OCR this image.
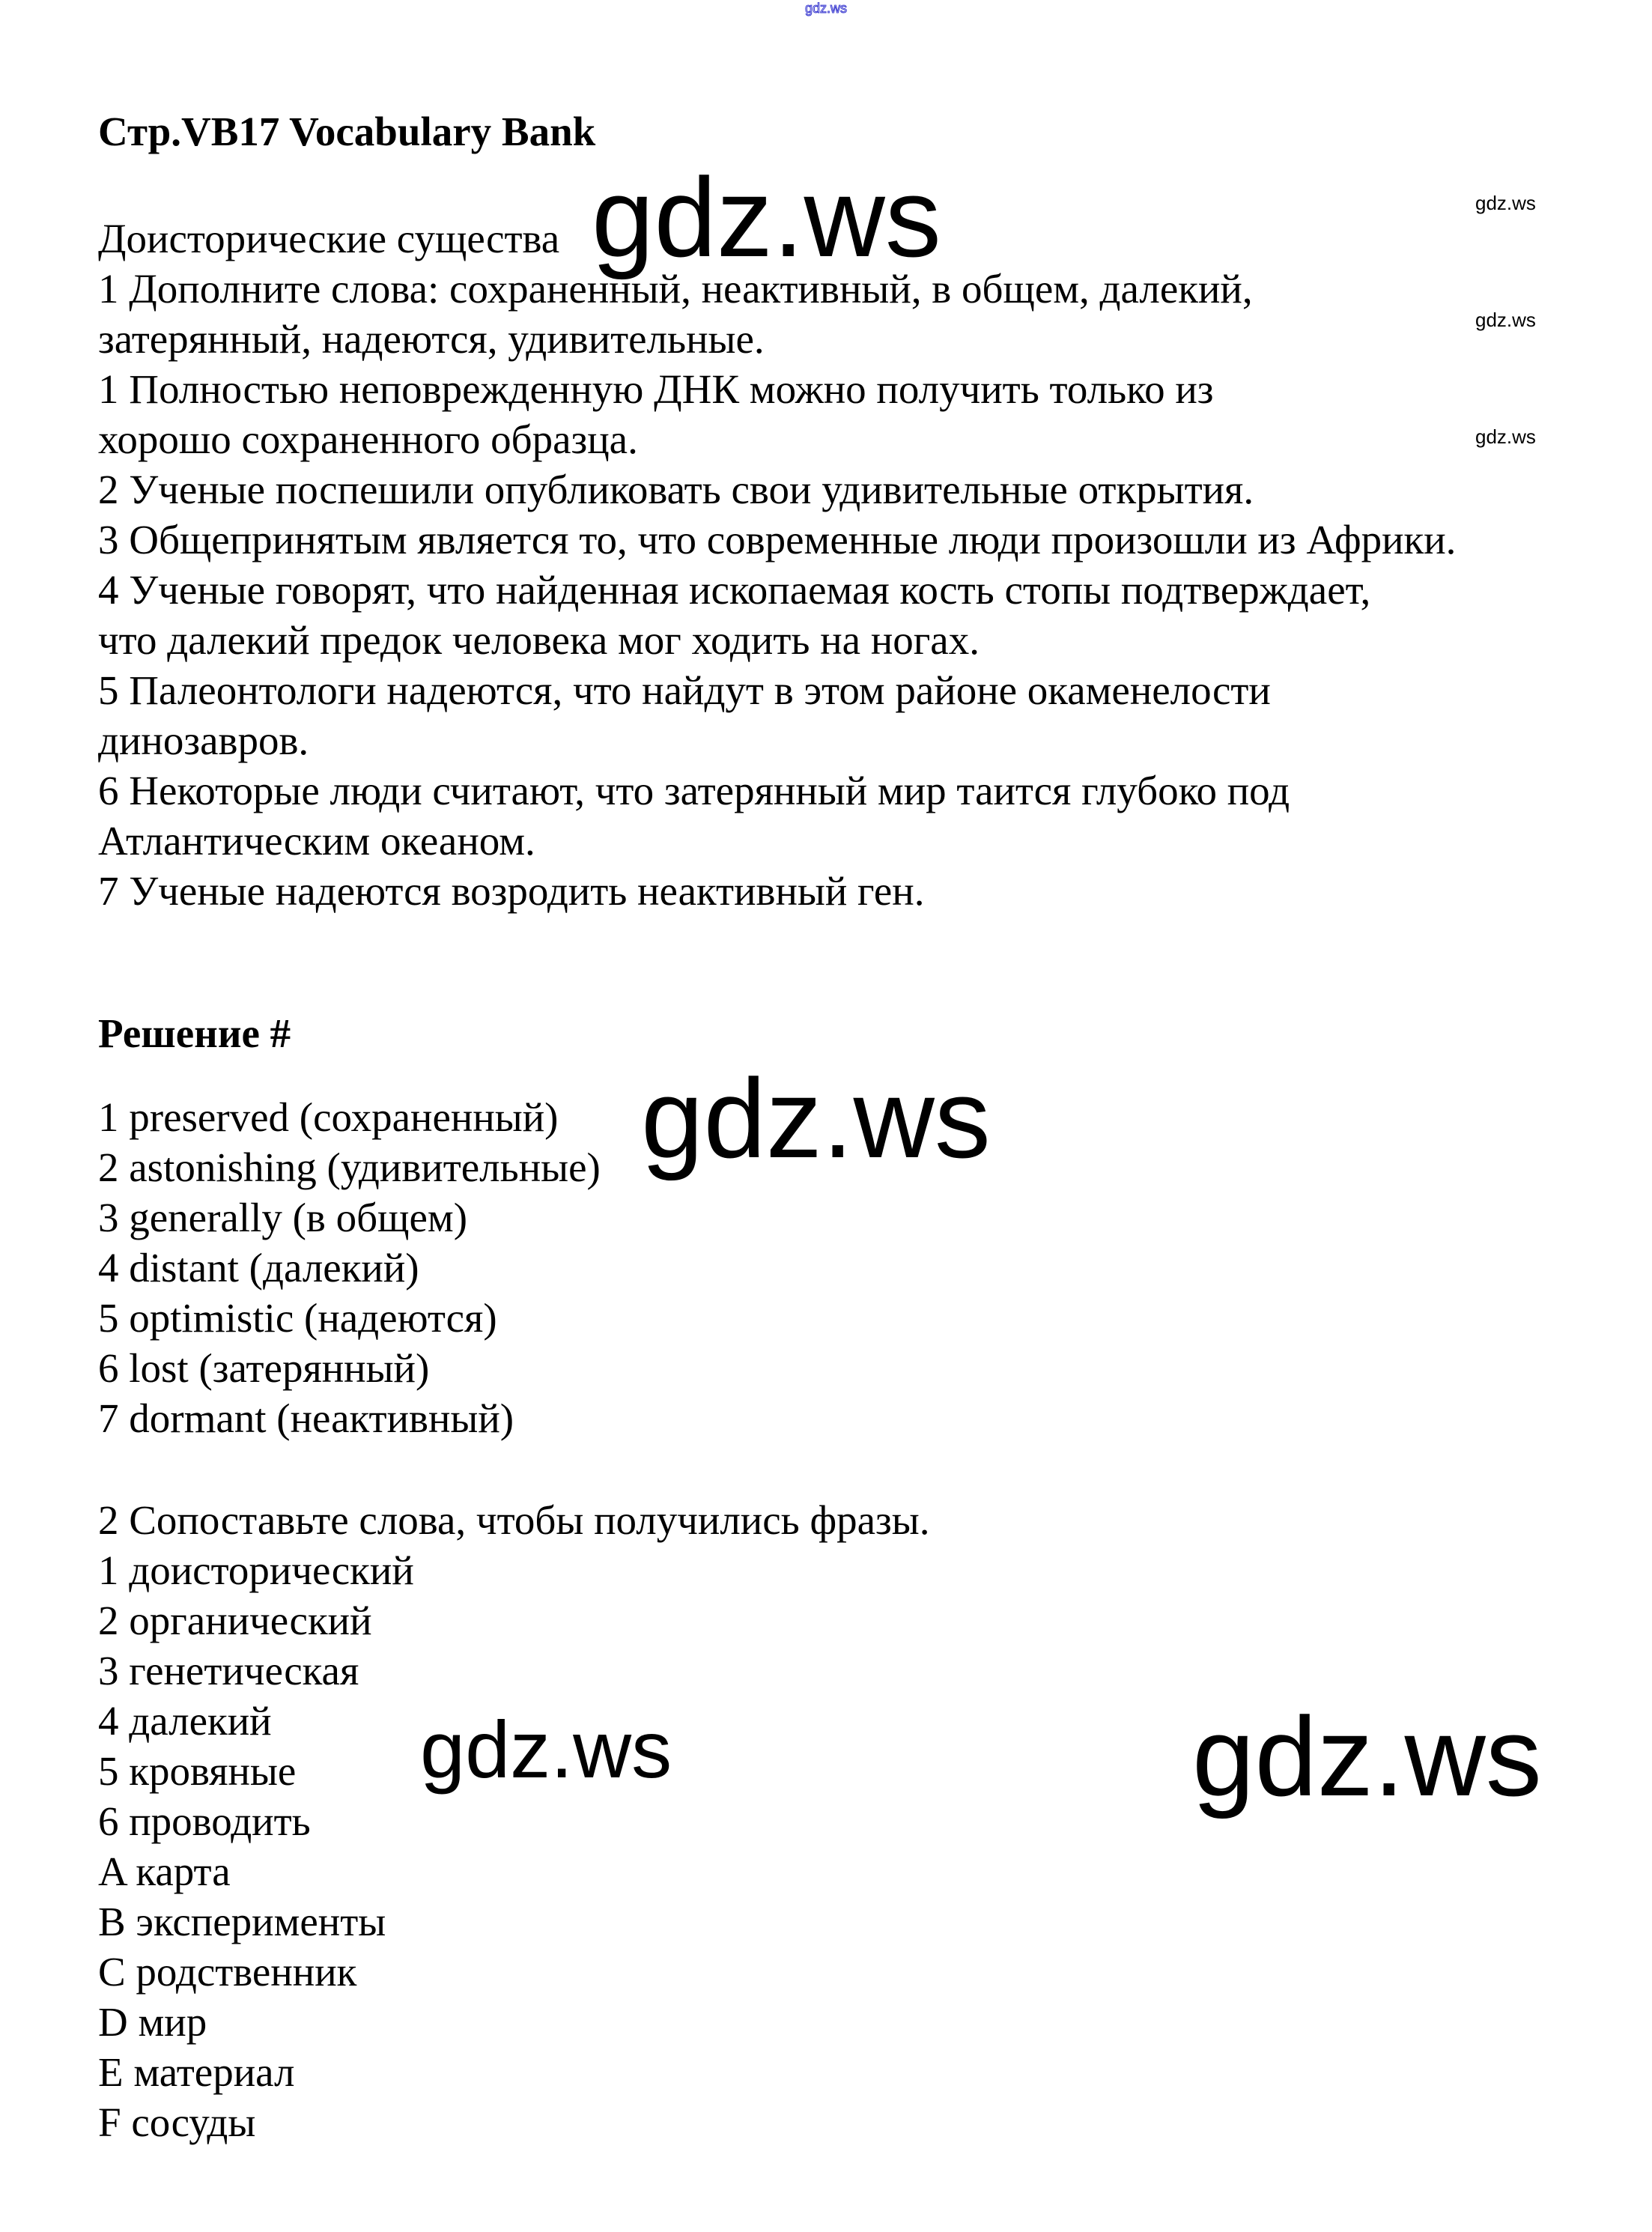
gdz.ws
Стр.VB17 Vocabulary Bank
Доисторические существа
1 Дополните слова: сохраненный, неактивный, в общем, далекий,
затерянный, надеются, удивительные.
1 Полностью неповрежденную ДНК можно получить только из
хорошо сохраненного образца.
2 Ученые поспешили опубликовать свои удивительные открытия.
3 Общепринятым является то, что современные люди произошли из Африки.
4 Ученые говорят, что найденная ископаемая кость стопы подтверждает,
что далекий предок человека мог ходить на ногах.
5 Палеонтологи надеются, что найдут в этом районе окаменелости
динозавров.
6 Некоторые люди считают, что затерянный мир таится глубоко под
Атлантическим океаном.
7 Ученые надеются возродить неактивный ген.
Решение #
1 preserved (сохраненный)
2 astonishing (удивительные)
3 generally (в общем)
4 distant (далекий)
5 optimistic (надеются)
6 lost (затерянный)
7 dormant (неактивный)
2 Сопоставьте слова, чтобы получились фразы.
1 доисторический
2 органический
3 генетическая
4 далекий
5 кровяные
6 проводить
A карта
B эксперименты
C родственник
D мир
E материал
F сосуды
gdz.ws
gdz.ws
gdz.ws	gdz.ws
gdz.ws
gdz.ws
gdz.ws
